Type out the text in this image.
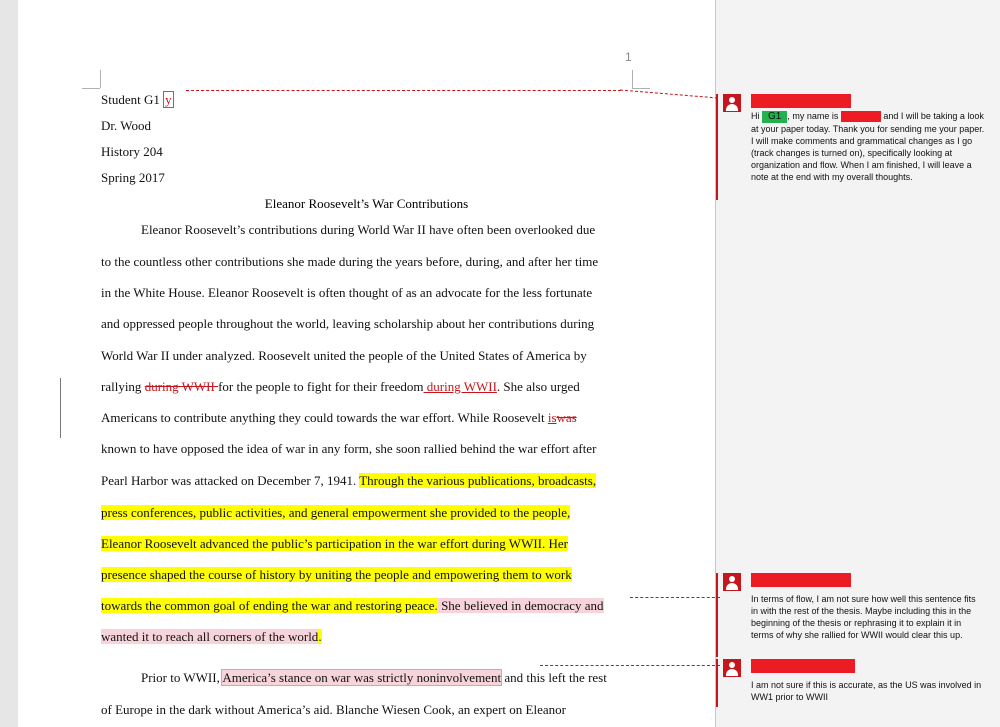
1
Student G1 y
Dr. Wood
History 204
Spring 2017
Eleanor Roosevelt’s War Contributions
Eleanor Roosevelt’s contributions during World War II have often been overlooked due
to the countless other contributions she made during the years before, during, and after her time
in the White House. Eleanor Roosevelt is often thought of as an advocate for the less fortunate
and oppressed people throughout the world, leaving scholarship about her contributions during
World War II under analyzed. Roosevelt united the people of the United States of America by
rallying during WWII for the people to fight for their freedom during WWII. She also urged
Americans to contribute anything they could towards the war effort. While Roosevelt iswas
known to have opposed the idea of war in any form, she soon rallied behind the war effort after
Pearl Harbor was attacked on December 7, 1941. Through the various publications, broadcasts,
press conferences, public activities, and general empowerment she provided to the people,
Eleanor Roosevelt advanced the public’s participation in the war effort during WWII. Her
presence shaped the course of history by uniting the people and empowering them to work
towards the common goal of ending the war and restoring peace. She believed in democracy and
wanted it to reach all corners of the world.
Prior to WWII, America’s stance on war was strictly noninvolvement and this left the rest
of Europe in the dark without America’s aid. Blanche Wiesen Cook, an expert on Eleanor
Hi G1 , my name is	and I will be taking a look at your paper today. Thank you for sending me your paper. I will make comments and grammatical changes as I go (track changes is turned on), specifically looking at organization and flow. When I am finished, I will leave a note at the end with my overall thoughts.
In terms of flow, I am not sure how well this sentence fits in with the rest of the thesis. Maybe including this in the beginning of the thesis or rephrasing it to explain it in terms of why she rallied for WWII would clear this up.
I am not sure if this is accurate, as the US was involved in WW1 prior to WWII
